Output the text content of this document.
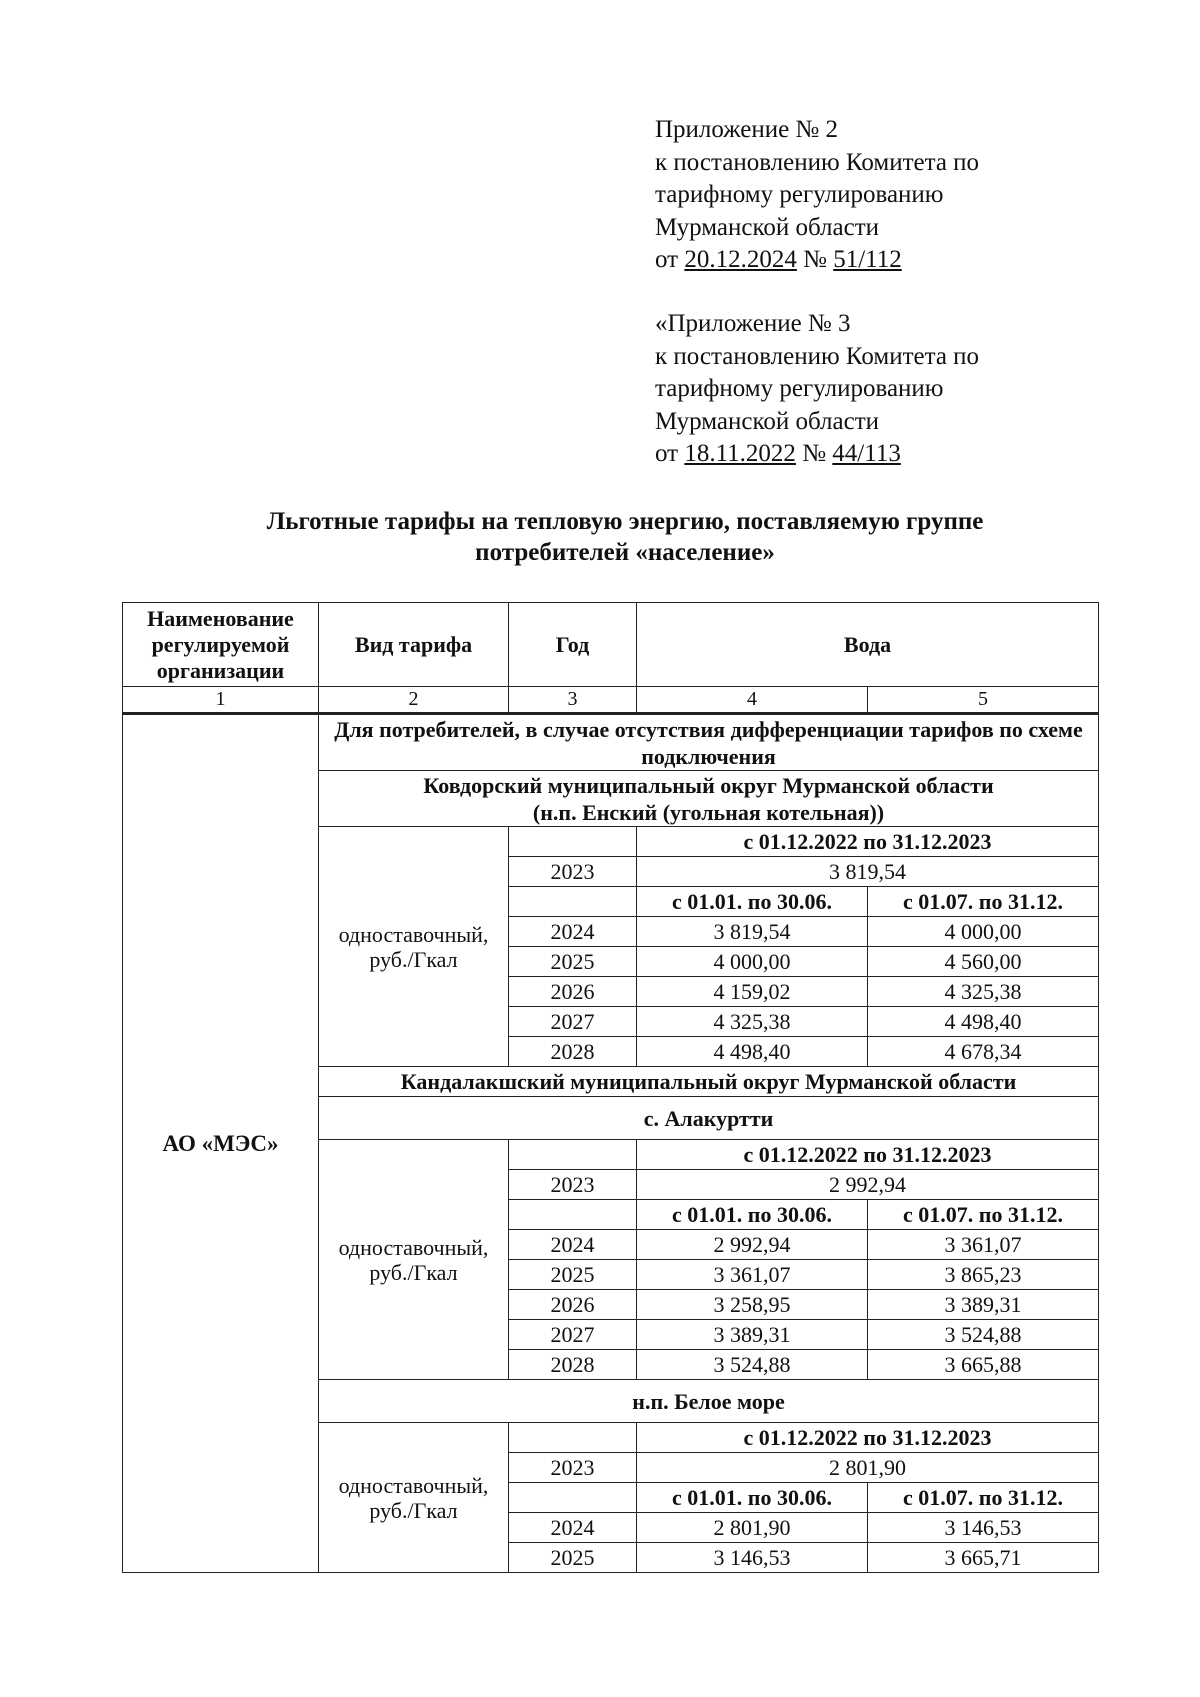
Приложение № 2
к постановлению Комитета по
тарифному регулированию
Мурманской области
от 20.12.2024 № 51/112
«Приложение № 3
к постановлению Комитета по
тарифному регулированию
Мурманской области
от 18.11.2022 № 44/113
Льготные тарифы на тепловую энергию, поставляемую группе
потребителей «население»
Наименование регулируемой организации	Вид тарифа	Год	Вода	
1	2	3	4	5
АО «МЭС»	Для потребителей, в случае отсутствия дифференциации тарифов по схеме подключения			

	Ковдорский муниципальный округ Мурманской области
(н.п. Енский (угольная котельная))			

	одноставочный,
руб./Гкал		с 01.12.2022 по 31.12.2023	
		2023	3 819,54	
			с 01.01. по 30.06.	с 01.07. по 31.12.
		2024	3 819,54	4 000,00
		2025	4 000,00	4 560,00
		2026	4 159,02	4 325,38
		2027	4 325,38	4 498,40
		2028	4 498,40	4 678,34
	Кандалакшский муниципальный округ Мурманской области			
	с. Алакуртти			

	одноставочный,
руб./Гкал		с 01.12.2022 по 31.12.2023	
		2023	2 992,94	
			с 01.01. по 30.06.	с 01.07. по 31.12.
		2024	2 992,94	3 361,07
		2025	3 361,07	3 865,23
		2026	3 258,95	3 389,31
		2027	3 389,31	3 524,88
		2028	3 524,88	3 665,88
	н.п. Белое море			

	одноставочный,
руб./Гкал		с 01.12.2022 по 31.12.2023	
		2023	2 801,90	
			с 01.01. по 30.06.	с 01.07. по 31.12.
		2024	2 801,90	3 146,53
		2025	3 146,53	3 665,71
